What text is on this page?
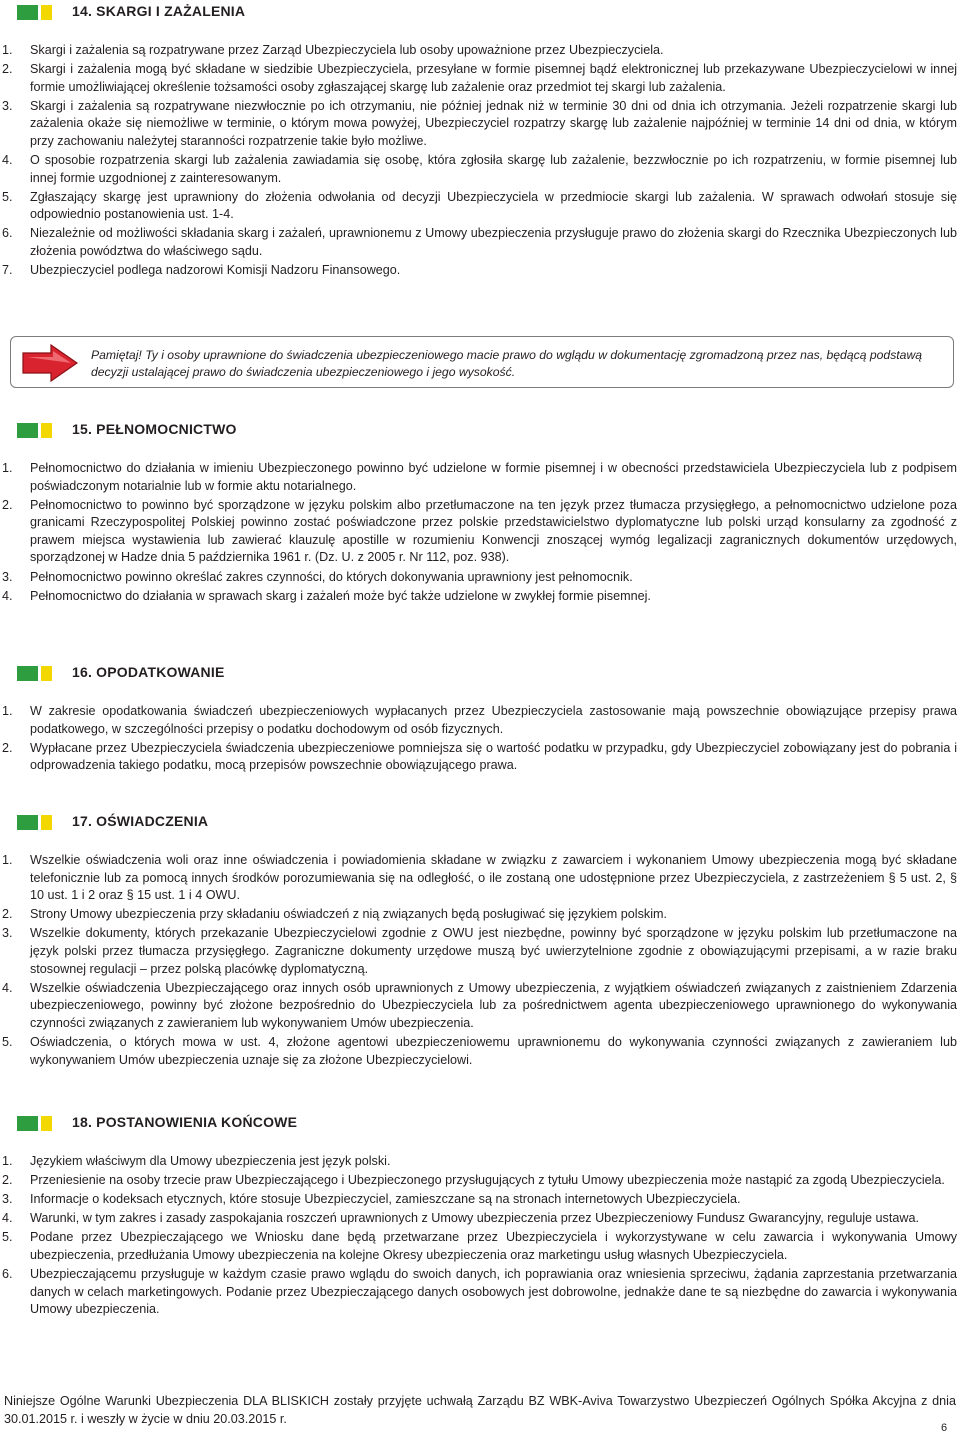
14. SKARGI I ZAŻALENIA
1. Skargi i zażalenia są rozpatrywane przez Zarząd Ubezpieczyciela lub osoby upoważnione przez Ubezpieczyciela.
2. Skargi i zażalenia mogą być składane w siedzibie Ubezpieczyciela, przesyłane w formie pisemnej bądź elektronicznej lub przekazywane Ubezpieczycielowi w innej formie umożliwiającej określenie tożsamości osoby zgłaszającej skargę lub zażalenie oraz przedmiot tej skargi lub zażalenia.
3. Skargi i zażalenia są rozpatrywane niezwłocznie po ich otrzymaniu, nie później jednak niż w terminie 30 dni od dnia ich otrzymania. Jeżeli rozpatrzenie skargi lub zażalenia okaże się niemożliwe w terminie, o którym mowa powyżej, Ubezpieczyciel rozpatrzy skargę lub zażalenie najpóźniej w terminie 14 dni od dnia, w którym przy zachowaniu należytej staranności rozpatrzenie takie było możliwe.
4. O sposobie rozpatrzenia skargi lub zażalenia zawiadamia się osobę, która zgłosiła skargę lub zażalenie, bezzwłocznie po ich rozpatrzeniu, w formie pisemnej lub innej formie uzgodnionej z zainteresowanym.
5. Zgłaszający skargę jest uprawniony do złożenia odwołania od decyzji Ubezpieczyciela w przedmiocie skargi lub zażalenia. W sprawach odwołań stosuje się odpowiednio postanowienia ust. 1-4.
6. Niezależnie od możliwości składania skarg i zażaleń, uprawnionemu z Umowy ubezpieczenia przysługuje prawo do złożenia skargi do Rzecznika Ubezpieczonych lub złożenia powództwa do właściwego sądu.
7. Ubezpieczyciel podlega nadzorowi Komisji Nadzoru Finansowego.
Pamiętaj! Ty i osoby uprawnione do świadczenia ubezpieczeniowego macie prawo do wglądu w dokumentację zgromadzoną przez nas, będącą podstawą decyzji ustalającej prawo do świadczenia ubezpieczeniowego i jego wysokość.
15. PEŁNOMOCNICTWO
1. Pełnomocnictwo do działania w imieniu Ubezpieczonego powinno być udzielone w formie pisemnej i w obecności przedstawiciela Ubezpieczyciela lub z podpisem poświadczonym notarialnie lub w formie aktu notarialnego.
2. Pełnomocnictwo to powinno być sporządzone w języku polskim albo przetłumaczone na ten język przez tłumacza przysięgłego, a pełnomocnictwo udzielone poza granicami Rzeczypospolitej Polskiej powinno zostać poświadczone przez polskie przedstawicielstwo dyplomatyczne lub polski urząd konsularny za zgodność z prawem miejsca wystawienia lub zawierać klauzulę apostille w rozumieniu Konwencji znoszącej wymóg legalizacji zagranicznych dokumentów urzędowych, sporządzonej w Hadze dnia 5 października 1961 r. (Dz. U. z 2005 r. Nr 112, poz. 938).
3. Pełnomocnictwo powinno określać zakres czynności, do których dokonywania uprawniony jest pełnomocnik.
4. Pełnomocnictwo do działania w sprawach skarg i zażaleń może być także udzielone w zwykłej formie pisemnej.
16. OPODATKOWANIE
1. W zakresie opodatkowania świadczeń ubezpieczeniowych wypłacanych przez Ubezpieczyciela zastosowanie mają powszechnie obowiązujące przepisy prawa podatkowego, w szczególności przepisy o podatku dochodowym od osób fizycznych.
2. Wypłacane przez Ubezpieczyciela świadczenia ubezpieczeniowe pomniejsza się o wartość podatku w przypadku, gdy Ubezpieczyciel zobowiązany jest do pobrania i odprowadzenia takiego podatku, mocą przepisów powszechnie obowiązującego prawa.
17. OŚWIADCZENIA
1. Wszelkie oświadczenia woli oraz inne oświadczenia i powiadomienia składane w związku z zawarciem i wykonaniem Umowy ubezpieczenia mogą być składane telefonicznie lub za pomocą innych środków porozumiewania się na odległość, o ile zostaną one udostępnione przez Ubezpieczyciela, z zastrzeżeniem § 5 ust. 2, § 10 ust. 1 i 2 oraz § 15 ust. 1 i 4 OWU.
2. Strony Umowy ubezpieczenia przy składaniu oświadczeń z nią związanych będą posługiwać się językiem polskim.
3. Wszelkie dokumenty, których przekazanie Ubezpieczycielowi zgodnie z OWU jest niezbędne, powinny być sporządzone w języku polskim lub przetłumaczone na język polski przez tłumacza przysięgłego. Zagraniczne dokumenty urzędowe muszą być uwierzytelnione zgodnie z obowiązującymi przepisami, a w razie braku stosownej regulacji – przez polską placówkę dyplomatyczną.
4. Wszelkie oświadczenia Ubezpieczającego oraz innych osób uprawnionych z Umowy ubezpieczenia, z wyjątkiem oświadczeń związanych z zaistnieniem Zdarzenia ubezpieczeniowego, powinny być złożone bezpośrednio do Ubezpieczyciela lub za pośrednictwem agenta ubezpieczeniowego uprawnionego do wykonywania czynności związanych z zawieraniem lub wykonywaniem Umów ubezpieczenia.
5. Oświadczenia, o których mowa w ust. 4, złożone agentowi ubezpieczeniowemu uprawnionemu do wykonywania czynności związanych z zawieraniem lub wykonywaniem Umów ubezpieczenia uznaje się za złożone Ubezpieczycielowi.
18. POSTANOWIENIA KOŃCOWE
1. Językiem właściwym dla Umowy ubezpieczenia jest język polski.
2. Przeniesienie na osoby trzecie praw Ubezpieczającego i Ubezpieczonego przysługujących z tytułu Umowy ubezpieczenia może nastąpić za zgodą Ubezpieczyciela.
3. Informacje o kodeksach etycznych, które stosuje Ubezpieczyciel, zamieszczane są na stronach internetowych Ubezpieczyciela.
4. Warunki, w tym zakres i zasady zaspokajania roszczeń uprawnionych z Umowy ubezpieczenia przez Ubezpieczeniowy Fundusz Gwarancyjny, reguluje ustawa.
5. Podane przez Ubezpieczającego we Wniosku dane będą przetwarzane przez Ubezpieczyciela i wykorzystywane w celu zawarcia i wykonywania Umowy ubezpieczenia, przedłużania Umowy ubezpieczenia na kolejne Okresy ubezpieczenia oraz marketingu usług własnych Ubezpieczyciela.
6. Ubezpieczającemu przysługuje w każdym czasie prawo wglądu do swoich danych, ich poprawiania oraz wniesienia sprzeciwu, żądania zaprzestania przetwarzania danych w celach marketingowych. Podanie przez Ubezpieczającego danych osobowych jest dobrowolne, jednakże dane te są niezbędne do zawarcia i wykonywania Umowy ubezpieczenia.
Niniejsze Ogólne Warunki Ubezpieczenia DLA BLISKICH zostały przyjęte uchwałą Zarządu BZ WBK-Aviva Towarzystwo Ubezpieczeń Ogólnych Spółka Akcyjna z dnia 30.01.2015 r. i weszły w życie w dniu 20.03.2015 r.
6
